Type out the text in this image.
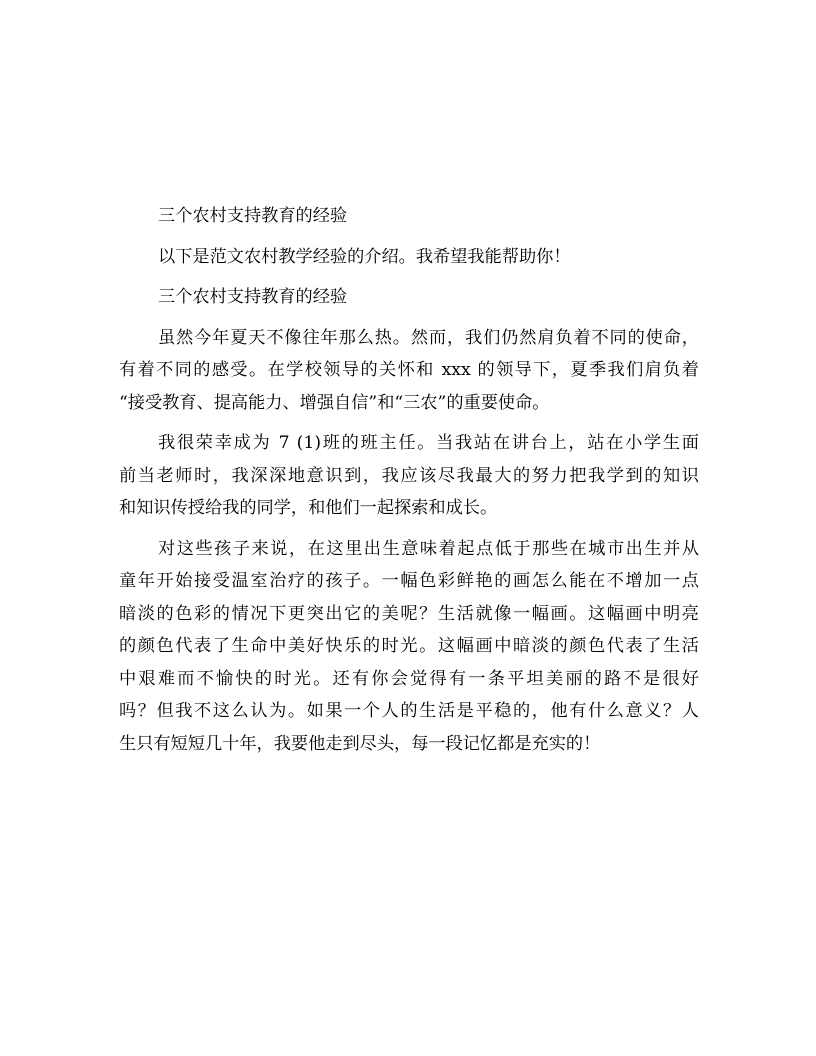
三个农村支持教育的经验
以下是范文农村教学经验的介绍。我希望我能帮助你！
三个农村支持教育的经验
虽然今年夏天不像往年那么热。然而，我们仍然肩负着不同的使命，
有着不同的感受。在学校领导的关怀和 xxx 的领导下，夏季我们肩负着
“接受教育、提高能力、增强自信”和“三农”的重要使命。
我很荣幸成为 7 (1)班的班主任。当我站在讲台上，站在小学生面
前当老师时，我深深地意识到，我应该尽我最大的努力把我学到的知识
和知识传授给我的同学，和他们一起探索和成长。
对这些孩子来说，在这里出生意味着起点低于那些在城市出生并从
童年开始接受温室治疗的孩子。一幅色彩鲜艳的画怎么能在不增加一点
暗淡的色彩的情况下更突出它的美呢？生活就像一幅画。这幅画中明亮
的颜色代表了生命中美好快乐的时光。这幅画中暗淡的颜色代表了生活
中艰难而不愉快的时光。还有你会觉得有一条平坦美丽的路不是很好
吗？但我不这么认为。如果一个人的生活是平稳的，他有什么意义？人
生只有短短几十年，我要他走到尽头，每一段记忆都是充实的！
